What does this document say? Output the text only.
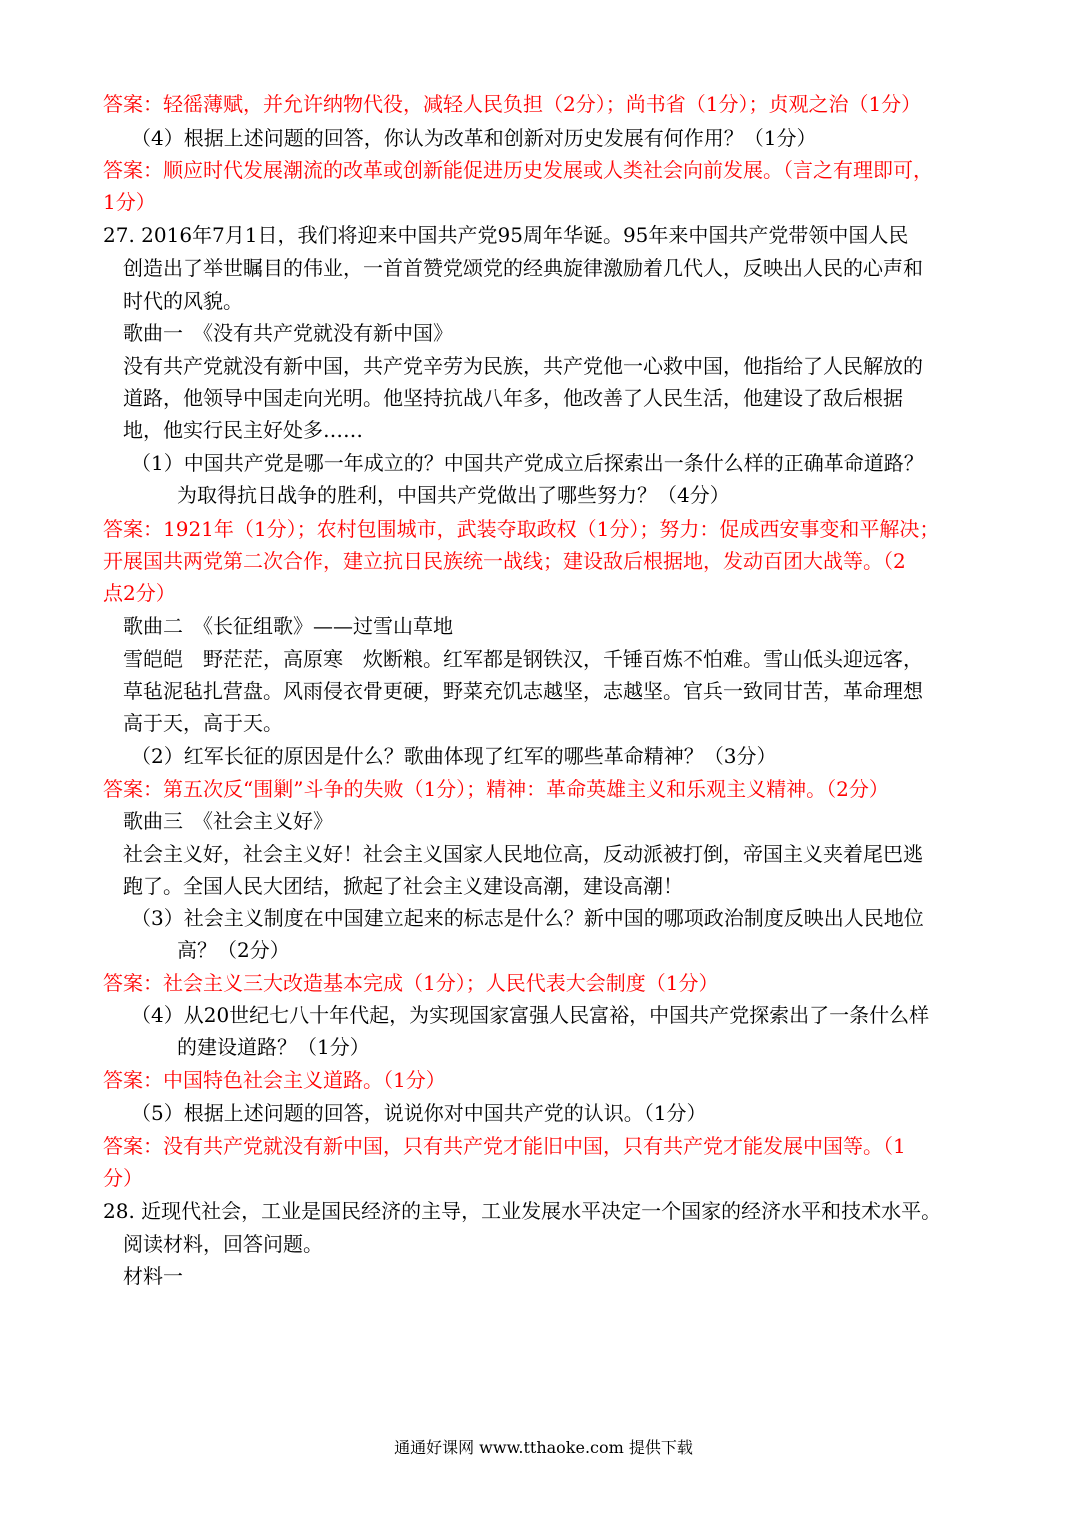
答案：轻徭薄赋，并允许纳物代役，减轻人民负担（2分）；尚书省（1分）；贞观之治（1分）

（4）根据上述问题的回答，你认为改革和创新对历史发展有何作用？（1分）

答案：顺应时代发展潮流的改革或创新能促进历史发展或人类社会向前发展。（言之有理即可，

1分）

27. 2016年7月1日，我们将迎来中国共产党95周年华诞。95年来中国共产党带领中国人民

创造出了举世瞩目的伟业，一首首赞党颂党的经典旋律激励着几代人，反映出人民的心声和

时代的风貌。

歌曲一　《没有共产党就没有新中国》

没有共产党就没有新中国，共产党辛劳为民族，共产党他一心救中国，他指给了人民解放的

道路，他领导中国走向光明。他坚持抗战八年多，他改善了人民生活，他建设了敌后根据

地，他实行民主好处多……

（1）中国共产党是哪一年成立的？中国共产党成立后探索出一条什么样的正确革命道路？

为取得抗日战争的胜利，中国共产党做出了哪些努力？（4分）

答案：1921年（1分）；农村包围城市，武装夺取政权（1分）；努力：促成西安事变和平解决；

开展国共两党第二次合作，建立抗日民族统一战线；建设敌后根据地，发动百团大战等。（2

点2分）

歌曲二　《长征组歌》——过雪山草地

雪皑皑　野茫茫，高原寒　炊断粮。红军都是钢铁汉，千锤百炼不怕难。雪山低头迎远客，

草毡泥毡扎营盘。风雨侵衣骨更硬，野菜充饥志越坚，志越坚。官兵一致同甘苦，革命理想

高于天，高于天。

（2）红军长征的原因是什么？歌曲体现了红军的哪些革命精神？（3分）

答案：第五次反“围剿”斗争的失败（1分）；精神：革命英雄主义和乐观主义精神。（2分）

歌曲三　《社会主义好》

社会主义好，社会主义好！社会主义国家人民地位高，反动派被打倒，帝国主义夹着尾巴逃

跑了。全国人民大团结，掀起了社会主义建设高潮，建设高潮！

（3）社会主义制度在中国建立起来的标志是什么？新中国的哪项政治制度反映出人民地位

高？（2分）

答案：社会主义三大改造基本完成（1分）；人民代表大会制度（1分）

（4）从20世纪七八十年代起，为实现国家富强人民富裕，中国共产党探索出了一条什么样

的建设道路？（1分）

答案：中国特色社会主义道路。（1分）

（5）根据上述问题的回答，说说你对中国共产党的认识。（1分）

答案：没有共产党就没有新中国，只有共产党才能旧中国，只有共产党才能发展中国等。（1

分）

28. 近现代社会，工业是国民经济的主导，工业发展水平决定一个国家的经济水平和技术水平。

阅读材料，回答问题。

材料一

通通好课网 www.tthaoke.com 提供下载
